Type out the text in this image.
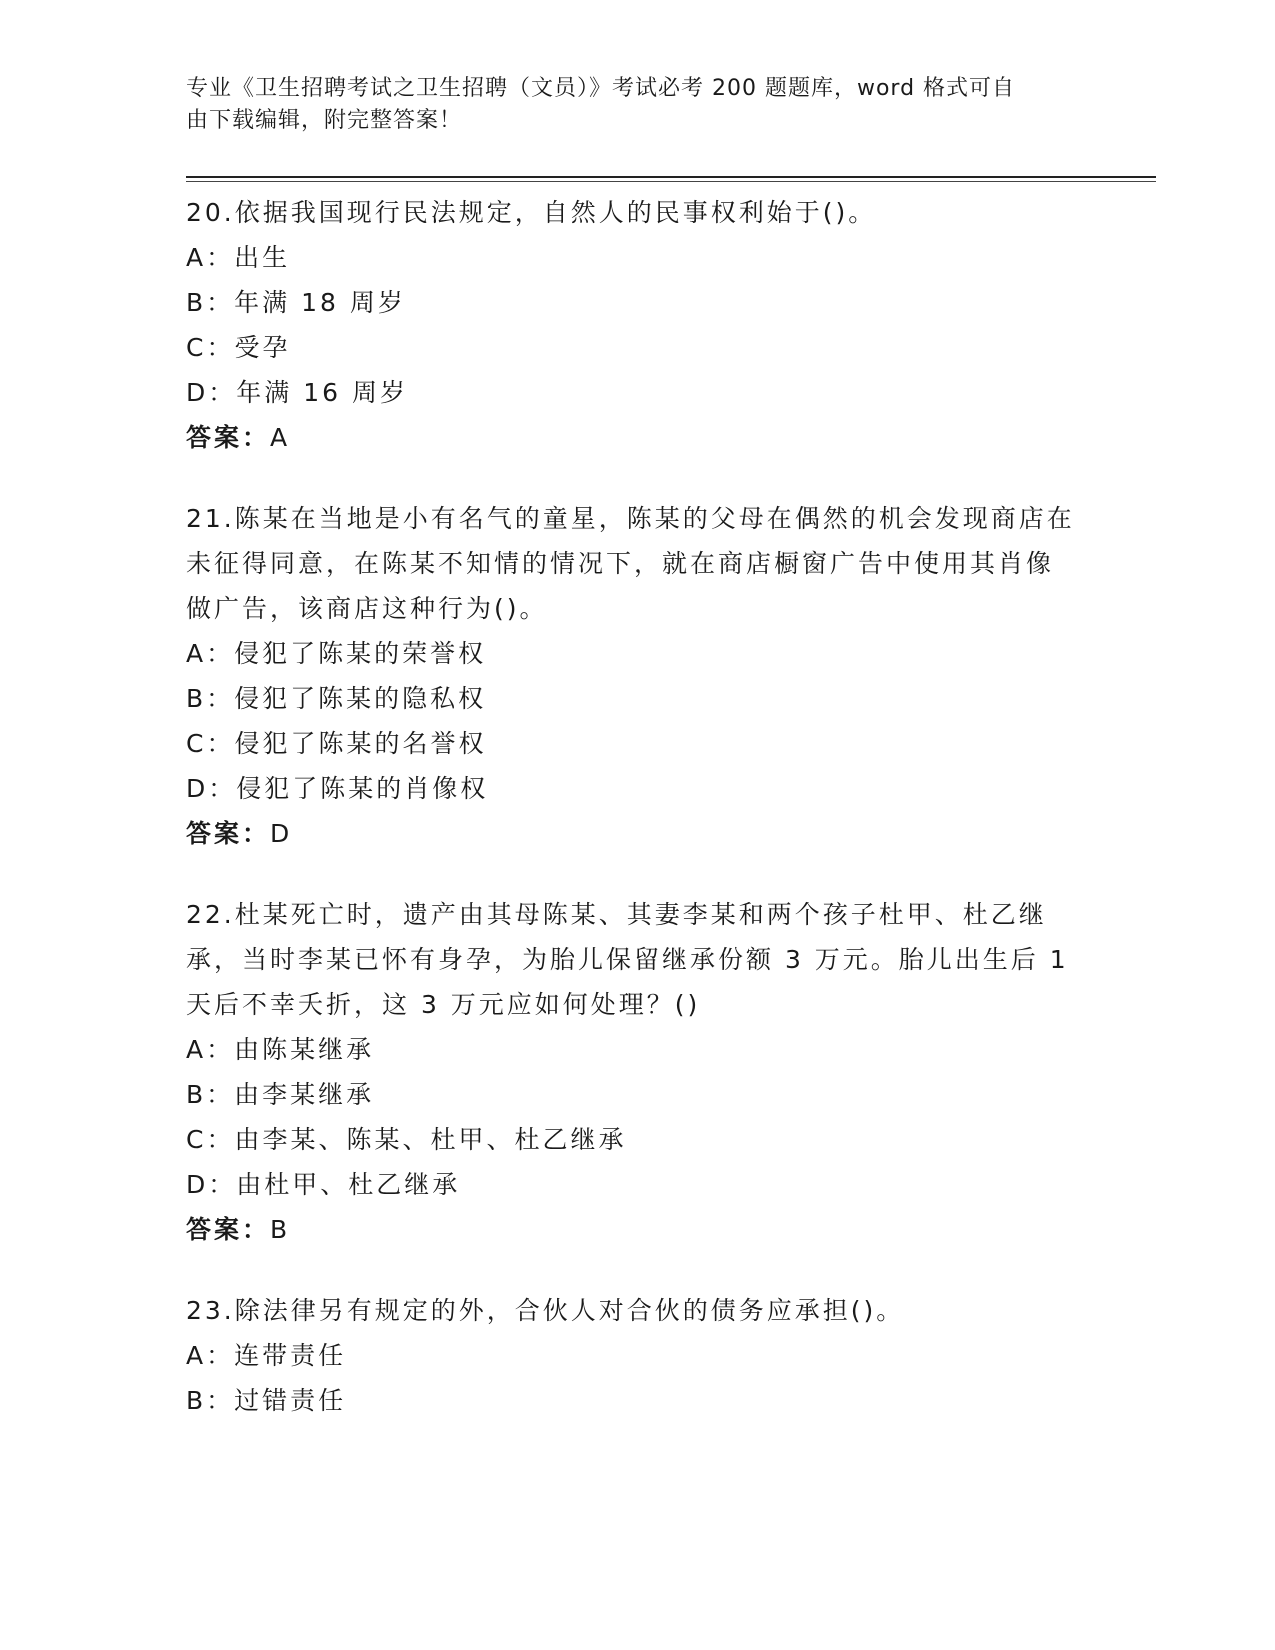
专业《卫生招聘考试之卫生招聘（文员）》考试必考 200 题题库，word 格式可自
由下载编辑，附完整答案！
20.依据我国现行民法规定，自然人的民事权利始于()。
A：出生
B：年满 18 周岁
C：受孕
D：年满 16 周岁
答案：A
21.陈某在当地是小有名气的童星，陈某的父母在偶然的机会发现商店在未征得同意，在陈某不知情的情况下，就在商店橱窗广告中使用其肖像做广告，该商店这种行为()。
A：侵犯了陈某的荣誉权
B：侵犯了陈某的隐私权
C：侵犯了陈某的名誉权
D：侵犯了陈某的肖像权
答案：D
22.杜某死亡时，遗产由其母陈某、其妻李某和两个孩子杜甲、杜乙继承，当时李某已怀有身孕，为胎儿保留继承份额 3 万元。胎儿出生后 1 天后不幸夭折，这 3 万元应如何处理？()
A：由陈某继承
B：由李某继承
C：由李某、陈某、杜甲、杜乙继承
D：由杜甲、杜乙继承
答案：B
23.除法律另有规定的外，合伙人对合伙的债务应承担()。
A：连带责任
B：过错责任
